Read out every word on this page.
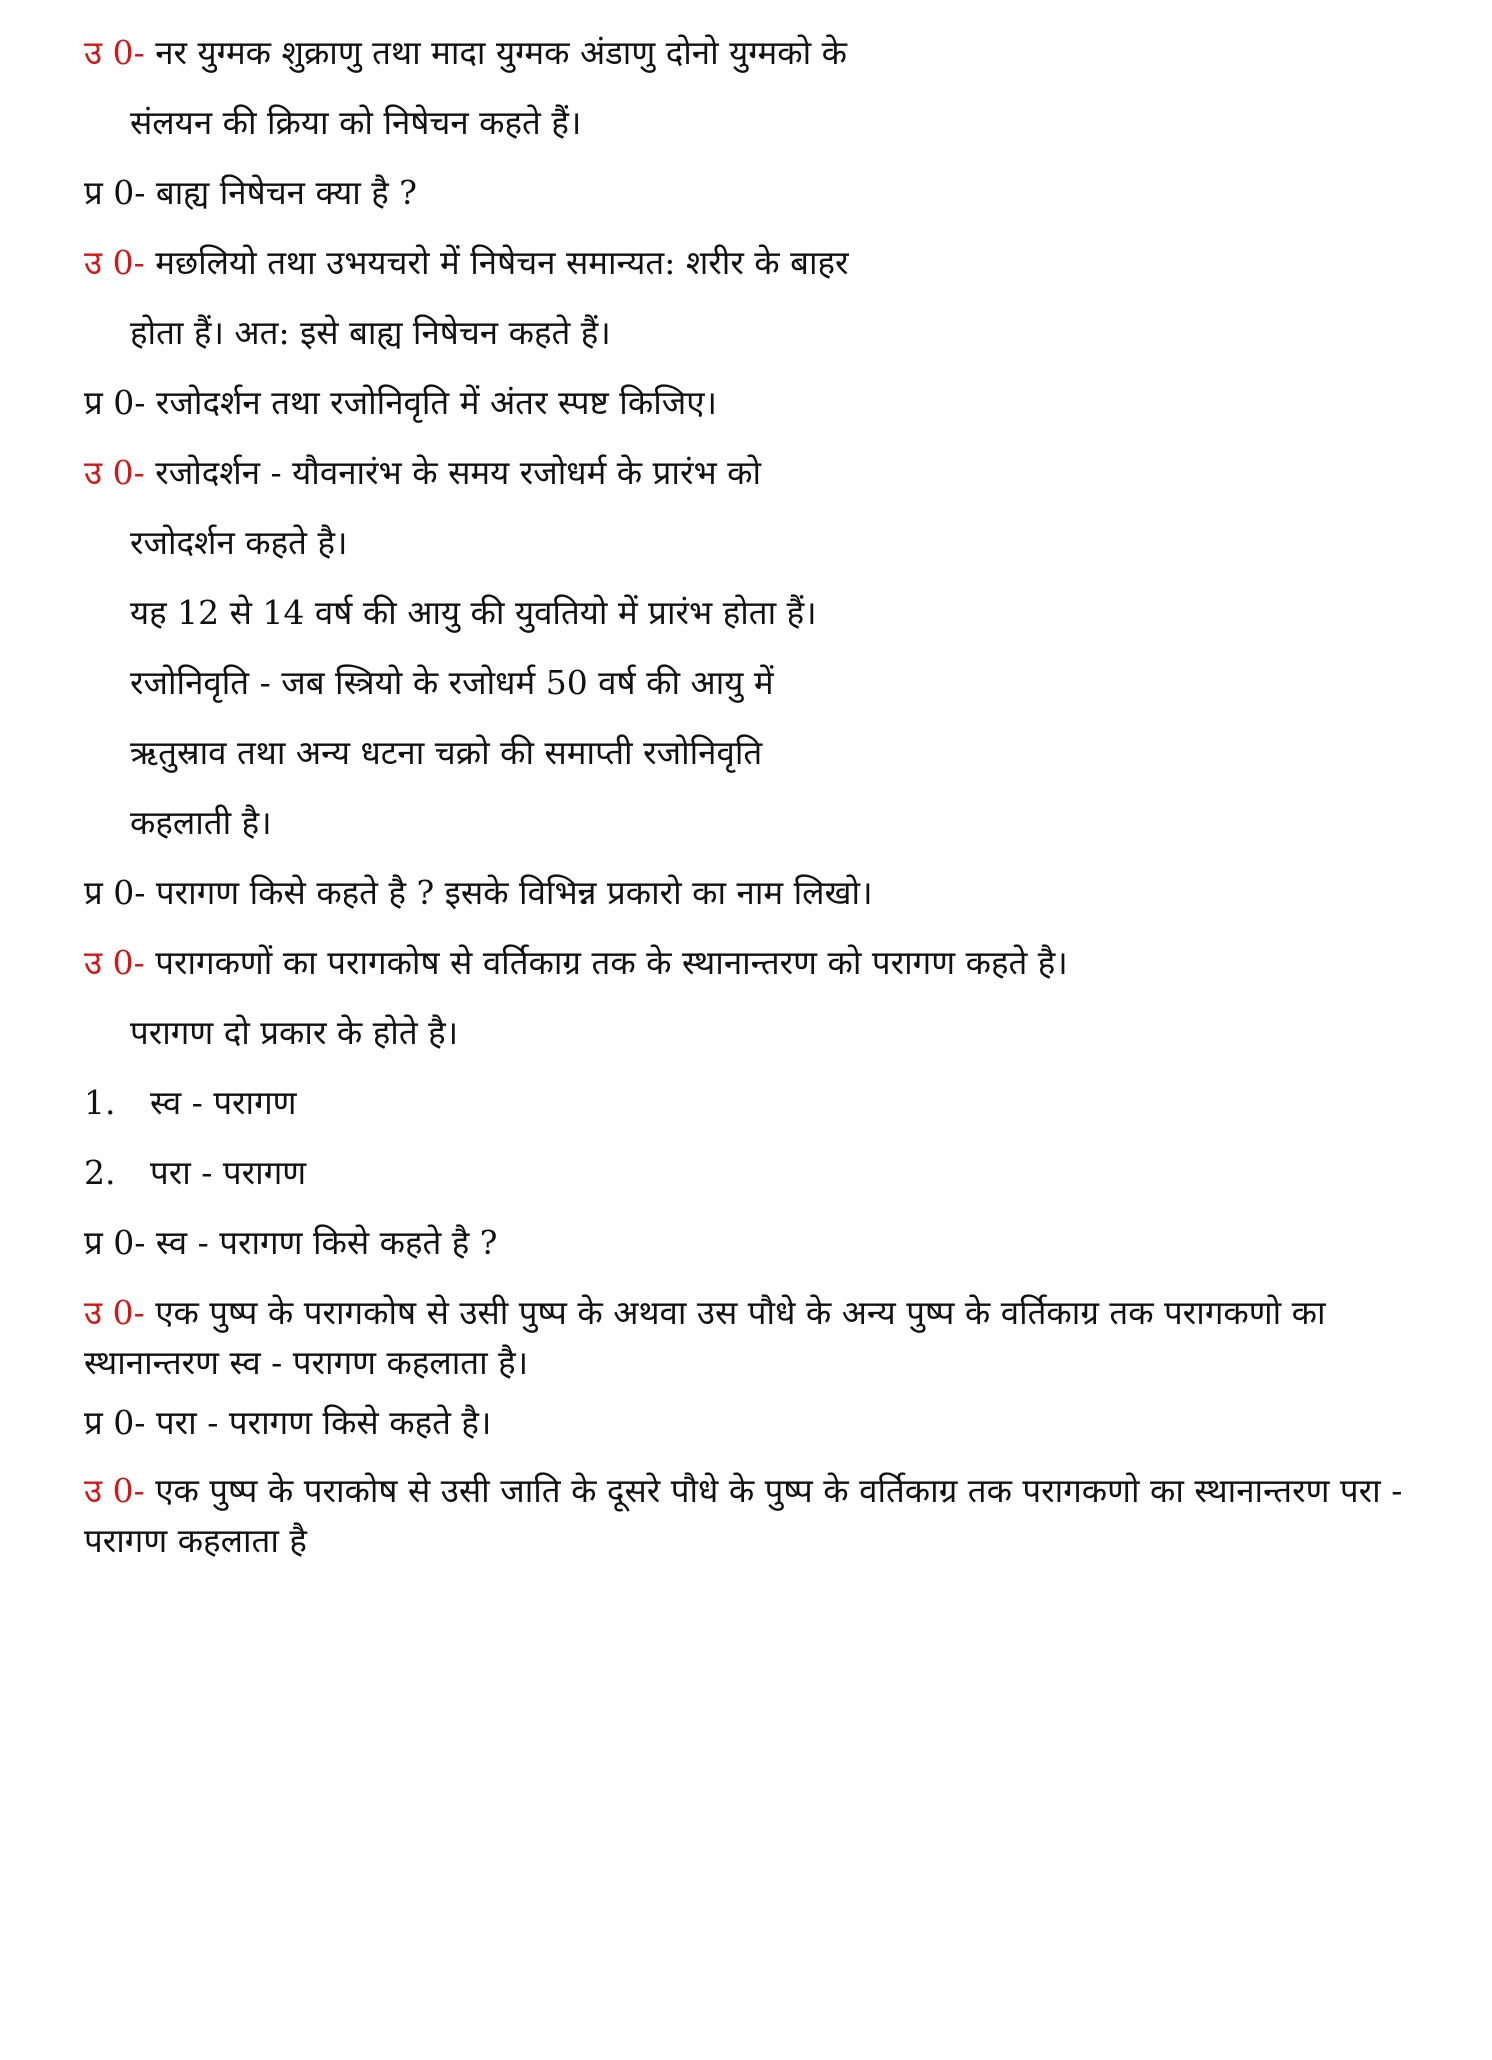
उ 0- नर युग्मक शुक्राणु तथा मादा युग्मक अंडाणु दोनो युग्मको के
संलयन की क्रिया को निषेचन कहते हैं।
प्र 0- बाह्य निषेचन क्या है ?
उ 0- मछलियो तथा उभयचरो में निषेचन समान्यत: शरीर के बाहर
होता हैं। अत: इसे बाह्य निषेचन कहते हैं।
प्र 0- रजोदर्शन तथा रजोनिवृति में अंतर स्पष्ट किजिए।
उ 0- रजोदर्शन - यौवनारंभ के समय रजोधर्म के प्रारंभ को
रजोदर्शन कहते है।
यह 12 से 14 वर्ष की आयु की युवतियो में प्रारंभ होता हैं।
रजोनिवृति - जब स्त्रियो के रजोधर्म 50 वर्ष की आयु में
ऋतुस्राव तथा अन्य धटना चक्रो की समाप्ती रजोनिवृति
कहलाती है।
प्र 0- परागण किसे कहते है ? इसके विभिन्न प्रकारो का नाम लिखो।
उ 0- परागकणों का परागकोष से वर्तिकाग्र तक के स्थानान्तरण को परागण कहते है।
परागण दो प्रकार के होते है।
1. स्व - परागण
2. परा - परागण
प्र 0- स्व - परागण किसे कहते है ?
उ 0- एक पुष्प के परागकोष से उसी पुष्प के अथवा उस पौधे के अन्य पुष्प के वर्तिकाग्र तक परागकणो का स्थानान्तरण स्व - परागण कहलाता है।
प्र 0- परा - परागण किसे कहते है।
उ 0- एक पुष्प के पराकोष से उसी जाति के दूसरे पौधे के पुष्प के वर्तिकाग्र तक परागकणो का स्थानान्तरण परा - परागण कहलाता है
